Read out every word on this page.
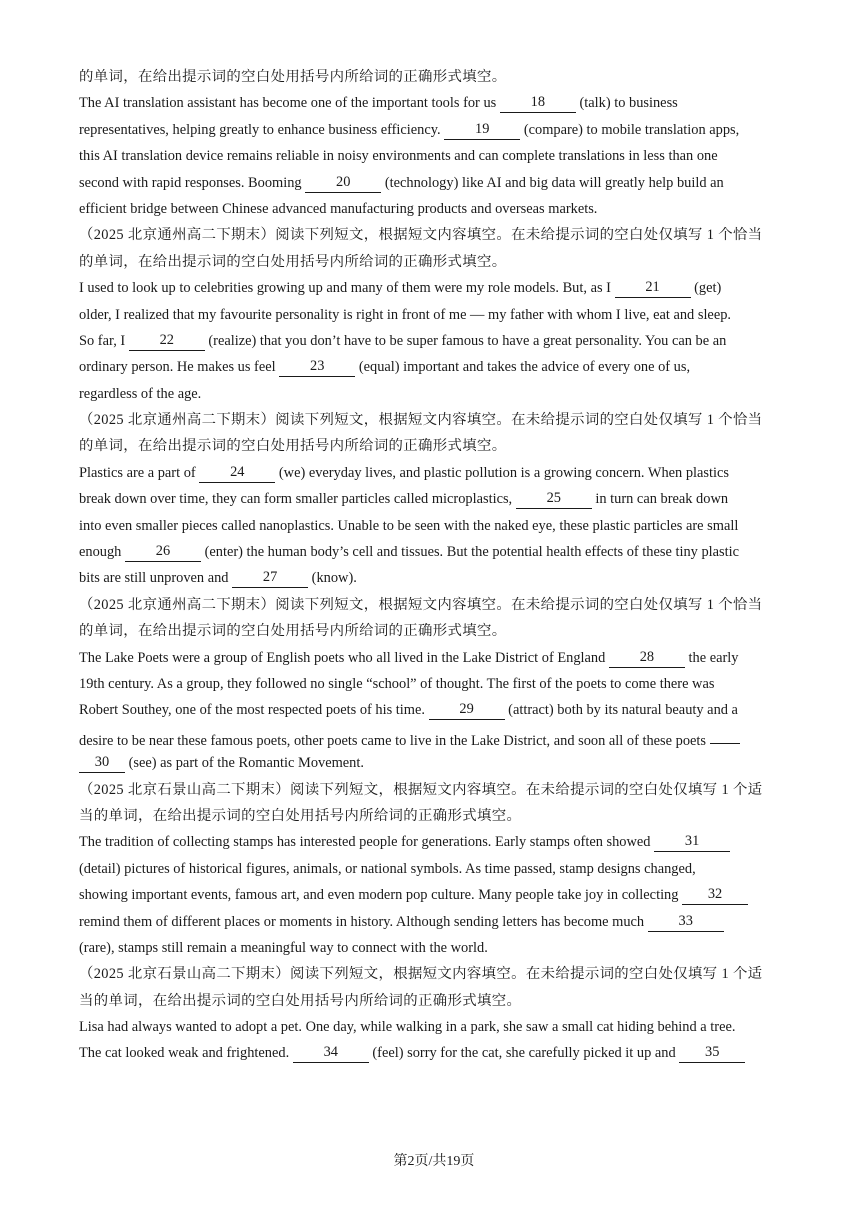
的单词，在给出提示词的空白处用括号内所给词的正确形式填空。
The AI translation assistant has become one of the important tools for us 18 (talk) to business
representatives, helping greatly to enhance business efficiency. 19 (compare) to mobile translation apps,
this AI translation device remains reliable in noisy environments and can complete translations in less than one
second with rapid responses. Booming 20 (technology) like AI and big data will greatly help build an
efficient bridge between Chinese advanced manufacturing products and overseas markets.
（2025 北京通州高二下期末）阅读下列短文，根据短文内容填空。在未给提示词的空白处仅填写 1 个恰当
的单词，在给出提示词的空白处用括号内所给词的正确形式填空。
I used to look up to celebrities growing up and many of them were my role models. But, as I 21 (get)
older, I realized that my favourite personality is right in front of me — my father with whom I live, eat and sleep.
So far, I 22 (realize) that you don’t have to be super famous to have a great personality. You can be an
ordinary person. He makes us feel 23 (equal) important and takes the advice of every one of us,
regardless of the age.
（2025 北京通州高二下期末）阅读下列短文，根据短文内容填空。在未给提示词的空白处仅填写 1 个恰当
的单词，在给出提示词的空白处用括号内所给词的正确形式填空。
Plastics are a part of 24 (we) everyday lives, and plastic pollution is a growing concern. When plastics
break down over time, they can form smaller particles called microplastics, 25 in turn can break down
into even smaller pieces called nanoplastics. Unable to be seen with the naked eye, these plastic particles are small
enough 26 (enter) the human body’s cell and tissues. But the potential health effects of these tiny plastic
bits are still unproven and 27 (know).
（2025 北京通州高二下期末）阅读下列短文，根据短文内容填空。在未给提示词的空白处仅填写 1 个恰当
的单词，在给出提示词的空白处用括号内所给词的正确形式填空。
The Lake Poets were a group of English poets who all lived in the Lake District of England 28 the early
19th century. As a group, they followed no single “school” of thought. The first of the poets to come there was
Robert Southey, one of the most respected poets of his time. 29 (attract) both by its natural beauty and a
desire to be near these famous poets, other poets came to live in the Lake District, and soon all of these poets
30 (see) as part of the Romantic Movement.
（2025 北京石景山高二下期末）阅读下列短文，根据短文内容填空。在未给提示词的空白处仅填写 1 个适
当的单词，在给出提示词的空白处用括号内所给词的正确形式填空。
The tradition of collecting stamps has interested people for generations. Early stamps often showed 31
(detail) pictures of historical figures, animals, or national symbols. As time passed, stamp designs changed,
showing important events, famous art, and even modern pop culture. Many people take joy in collecting 32
remind them of different places or moments in history. Although sending letters has become much 33
(rare), stamps still remain a meaningful way to connect with the world.
（2025 北京石景山高二下期末）阅读下列短文，根据短文内容填空。在未给提示词的空白处仅填写 1 个适
当的单词，在给出提示词的空白处用括号内所给词的正确形式填空。
Lisa had always wanted to adopt a pet. One day, while walking in a park, she saw a small cat hiding behind a tree.
The cat looked weak and frightened. 34 (feel) sorry for the cat, she carefully picked it up and 35
第2页/共19页
